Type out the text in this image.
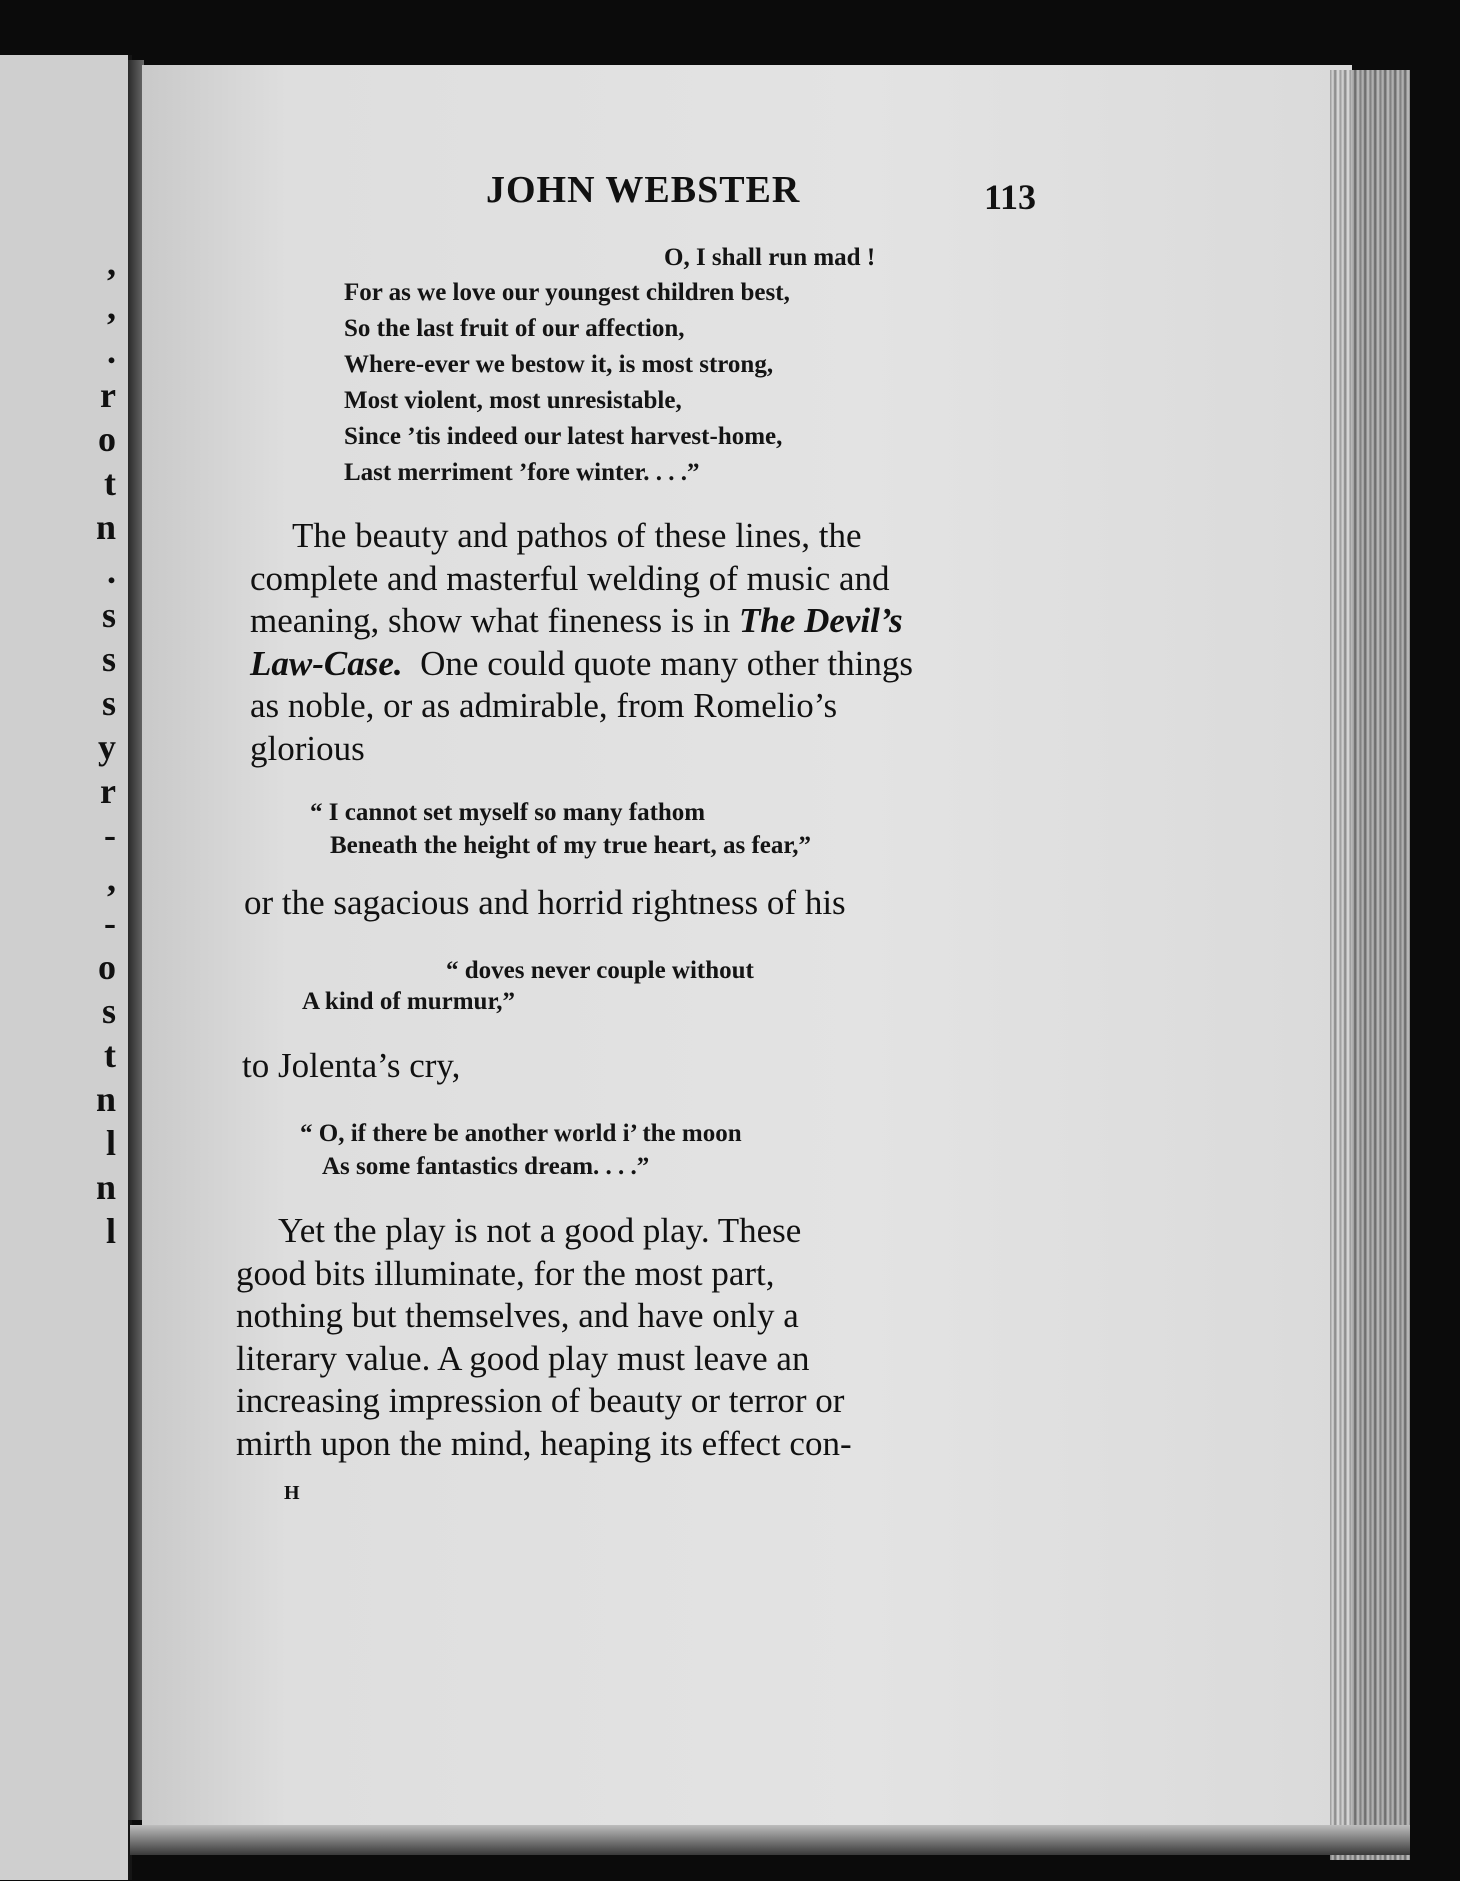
,
,
.
r
o
t
n
.
s
s
s
y
r
-
,
-
o
s
t
n
l
n
l
JOHN WEBSTER	113

O, I shall run mad !

For as we love our youngest children best,

So the last fruit of our affection,

Where-ever we bestow it, is most strong,

Most violent, most unresistable,

Since ’tis indeed our latest harvest-home,

Last merriment ’fore winter. . . .”

The beauty and pathos of these lines, the
complete and masterful welding of music and
meaning, show what fineness is in The Devil’s
Law-Case. One could quote many other things
as noble, or as admirable, from Romelio’s
glorious

“ I cannot set myself so many fathom

Beneath the height of my true heart, as fear,”

or the sagacious and horrid rightness of his

“ doves never couple without

A kind of murmur,”

to Jolenta’s cry,

“ O, if there be another world i’ the moon

As some fantastics dream. . . .”

Yet the play is not a good play. These
good bits illuminate, for the most part,
nothing but themselves, and have only a
literary value. A good play must leave an
increasing impression of beauty or terror or
mirth upon the mind, heaping its effect con-
H
